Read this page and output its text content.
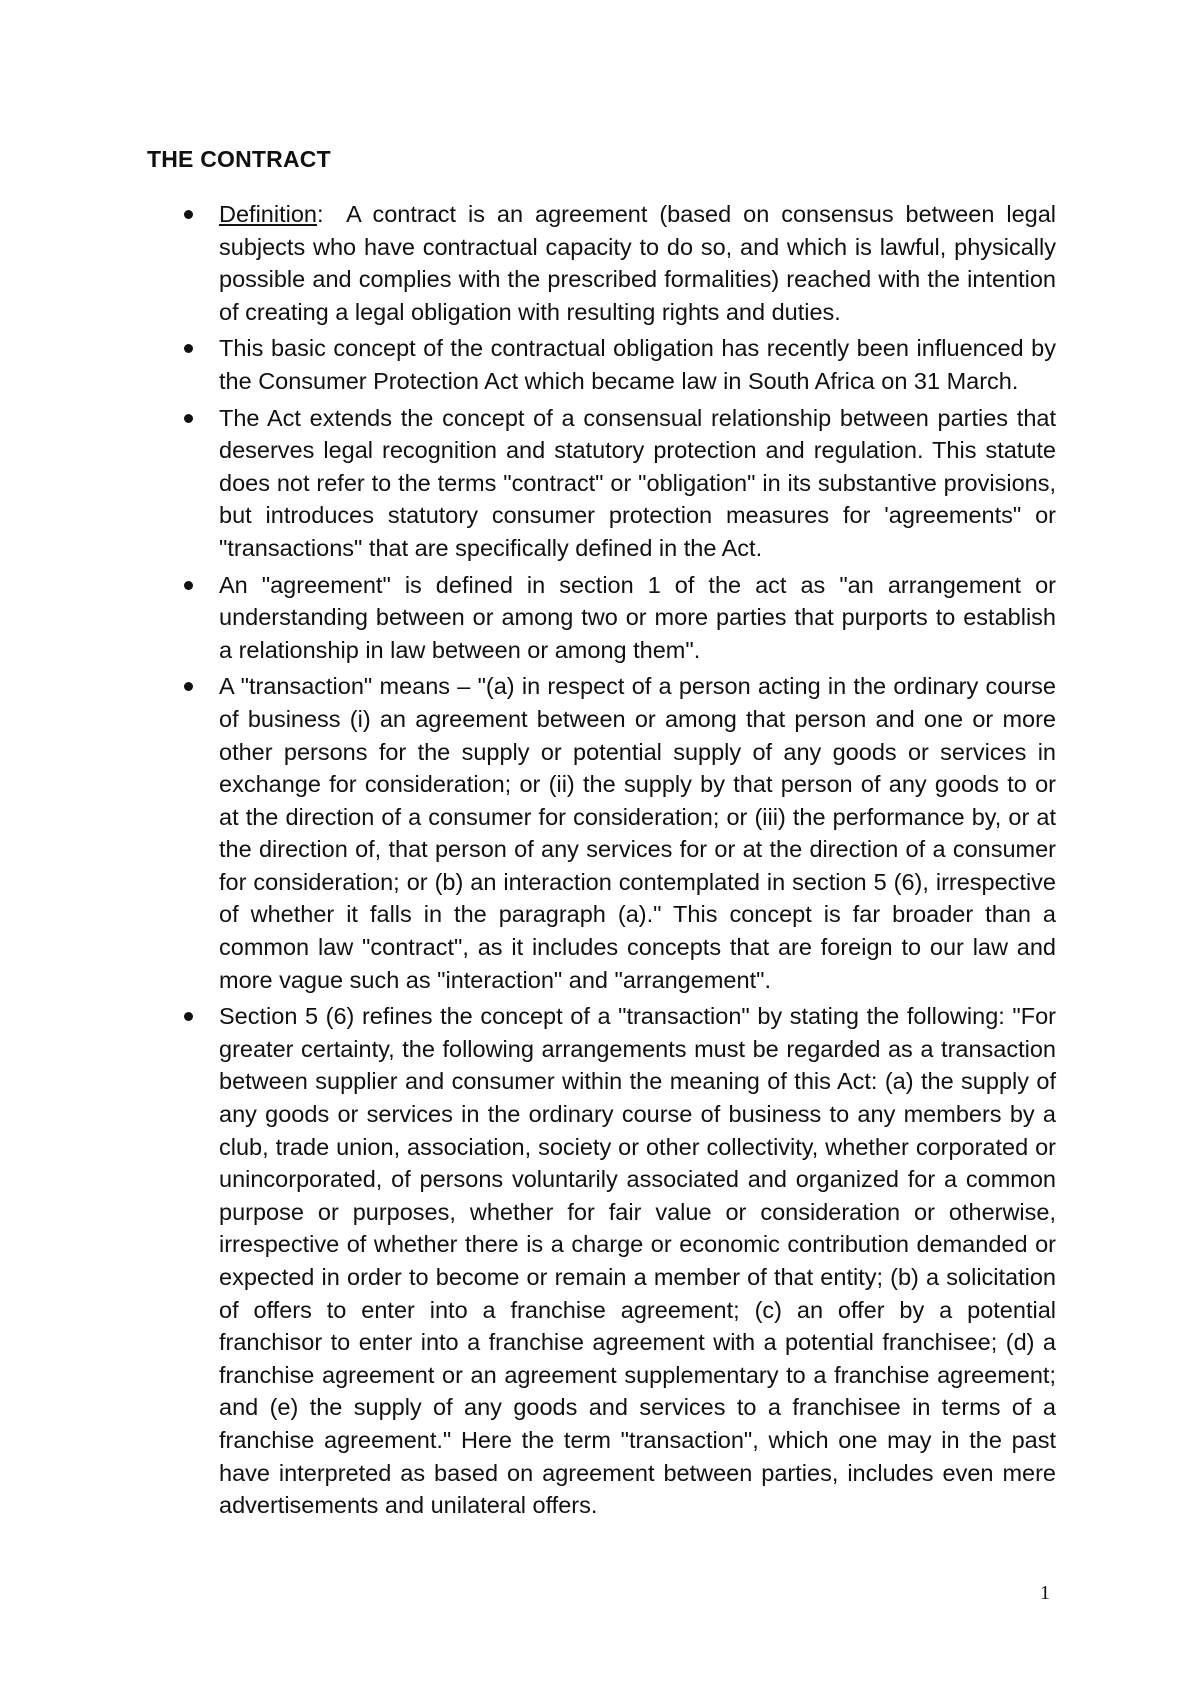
THE CONTRACT
Definition:  A contract is an agreement (based on consensus between legal subjects who have contractual capacity to do so, and which is lawful, physically possible and complies with the prescribed formalities) reached with the intention of creating a legal obligation with resulting rights and duties.
This basic concept of the contractual obligation has recently been influenced by the Consumer Protection Act which became law in South Africa on 31 March.
The Act extends the concept of a consensual relationship between parties that deserves legal recognition and statutory protection and regulation. This statute does not refer to the terms "contract" or "obligation" in its substantive provisions, but introduces statutory consumer protection measures for 'agreements" or "transactions" that are specifically defined in the Act.
An "agreement" is defined in section 1 of the act as "an arrangement or understanding between or among two or more parties that purports to establish a relationship in law between or among them".
A "transaction" means – "(a) in respect of a person acting in the ordinary course of business (i) an agreement between or among that person and one or more other persons for the supply or potential supply of any goods or services in exchange for consideration; or (ii) the supply by that person of any goods to or at the direction of a consumer for consideration; or (iii) the performance by, or at the direction of, that person of any services for or at the direction of a consumer for consideration; or (b) an interaction contemplated in section 5 (6), irrespective of whether it falls in the paragraph (a)." This concept is far broader than a common law "contract", as it includes concepts that are foreign to our law and more vague such as "interaction" and "arrangement".
Section 5 (6) refines the concept of a "transaction" by stating the following: "For greater certainty, the following arrangements must be regarded as a transaction between supplier and consumer within the meaning of this Act: (a) the supply of any goods or services in the ordinary course of business to any members by a club, trade union, association, society or other collectivity, whether corporated or unincorporated, of persons voluntarily associated and organized for a common purpose or purposes, whether for fair value or consideration or otherwise, irrespective of whether there is a charge or economic contribution demanded or expected in order to become or remain a member of that entity; (b) a solicitation of offers to enter into a franchise agreement; (c) an offer by a potential franchisor to enter into a franchise agreement with a potential franchisee; (d) a franchise agreement or an agreement supplementary to a franchise agreement; and (e) the supply of any goods and services to a franchisee in terms of a franchise agreement." Here the term "transaction", which one may in the past have interpreted as based on agreement between parties, includes even mere advertisements and unilateral offers.
1
